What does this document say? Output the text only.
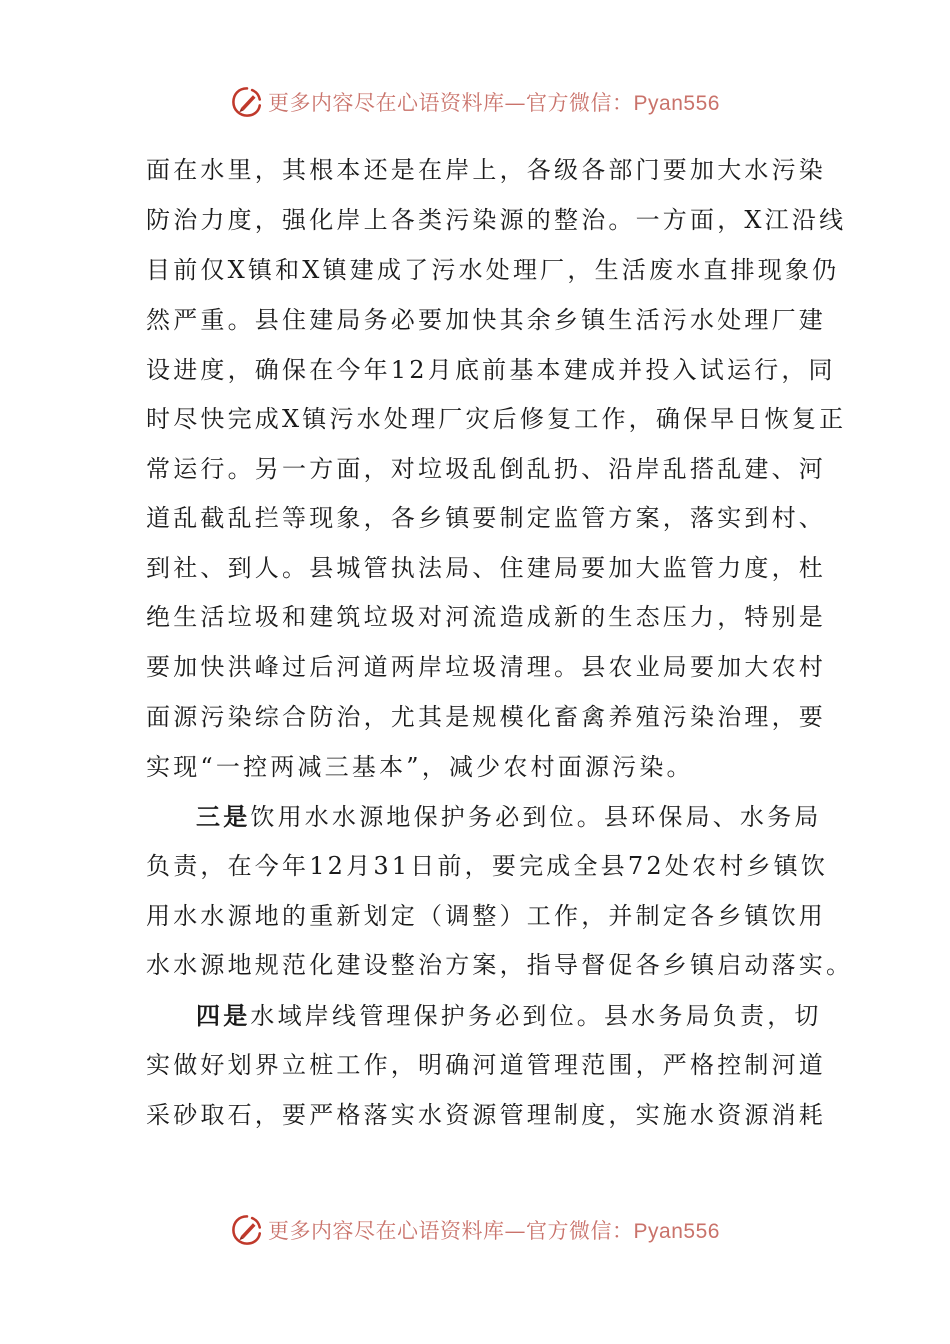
更多内容尽在心语资料库—官方微信：Pyan556
面在水里，其根本还是在岸上，各级各部门要加大水污染
防治力度，强化岸上各类污染源的整治。一方面，X江沿线
目前仅X镇和X镇建成了污水处理厂，生活废水直排现象仍
然严重。县住建局务必要加快其余乡镇生活污水处理厂建
设进度，确保在今年12月底前基本建成并投入试运行，同
时尽快完成X镇污水处理厂灾后修复工作，确保早日恢复正
常运行。另一方面，对垃圾乱倒乱扔、沿岸乱搭乱建、河
道乱截乱拦等现象，各乡镇要制定监管方案，落实到村、
到社、到人。县城管执法局、住建局要加大监管力度，杜
绝生活垃圾和建筑垃圾对河流造成新的生态压力，特别是
要加快洪峰过后河道两岸垃圾清理。县农业局要加大农村
面源污染综合防治，尤其是规模化畜禽养殖污染治理，要
实现“一控两减三基本”，减少农村面源污染。
三是饮用水水源地保护务必到位。县环保局、水务局
负责，在今年12月31日前，要完成全县72处农村乡镇饮
用水水源地的重新划定（调整）工作，并制定各乡镇饮用
水水源地规范化建设整治方案，指导督促各乡镇启动落实。
四是水域岸线管理保护务必到位。县水务局负责，切
实做好划界立桩工作，明确河道管理范围，严格控制河道
采砂取石，要严格落实水资源管理制度，实施水资源消耗
更多内容尽在心语资料库—官方微信：Pyan556
